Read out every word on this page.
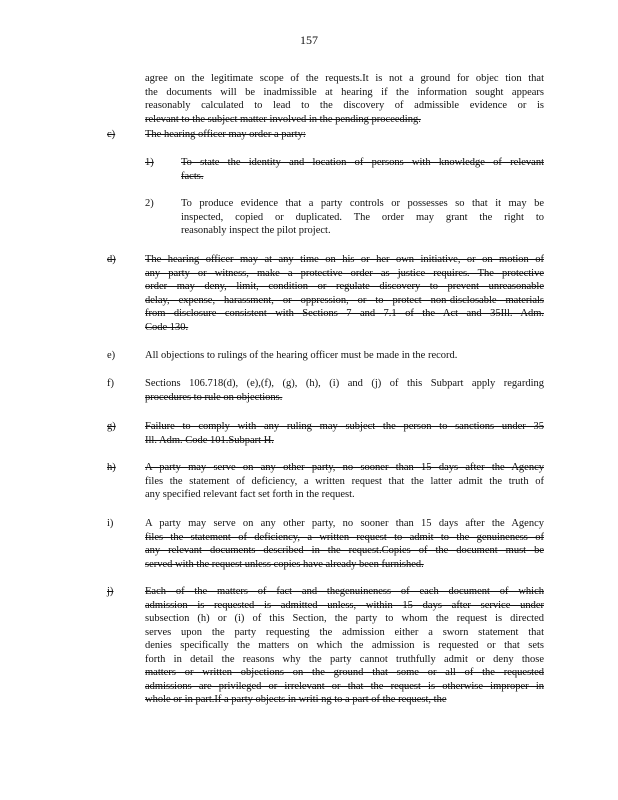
157
agree on the legitimate scope of the requests.It is not a ground for objec tion that
the documents will be inadmissible at hearing if the information sought appears
reasonably calculated to lead to the discovery of admissible evidence or is
relevant to the subject matter involved in the pending proceeding.
c)	The hearing officer may order a party:
1)	To state the identity and location of persons with knowledge of relevant
facts.
2)	To produce evidence that a party controls or possesses so that it may be
inspected, copied or duplicated. The order may grant the right to
reasonably inspect the pilot project.
d)	The hearing officer may at any time on his or her own initiative, or on motion of
any party or witness, make a protective order as justice requires. The protective
order may deny, limit, condition or regulate discovery to prevent unreasonable
delay, expense, harassment, or oppression, or to protect non-disclosable materials
from disclosure consistent with Sections 7 and 7.1 of the Act and 35Ill. Adm.
Code 130.
e)	All objections to rulings of the hearing officer must be made in the record.
f)	Sections 106.718(d), (e),(f), (g), (h), (i) and (j) of this Subpart apply regarding
procedures to rule on objections.
g)	Failure to comply with any ruling may subject the person to sanctions under 35
Ill. Adm. Code 101.Subpart H.
h)	A party may serve on any other party, no sooner than 15 days after the Agency
files the statement of deficiency, a written request that the latter admit the truth of
any specified relevant fact set forth in the request.
i)	A party may serve on any other party, no sooner than 15 days after the Agency
files the statement of deficiency, a written request to admit to the genuineness of
any relevant documents described in the request.Copies of the document must be
served with the request unless copies have already been furnished.
j)	Each of the matters of fact and thegenuineness of each document of which
admission is requested is admitted unless, within 15 days after service under
subsection (h) or (i) of this Section, the party to whom the request is directed
serves upon the party requesting the admission either a sworn statement that
denies specifically the matters on which the admission is requested or that sets
forth in detail the reasons why the party cannot truthfully admit or deny those
matters or written objections on the ground that some or all of the requested
admissions are privileged or irrelevant or that the request is otherwise improper in
whole or in part.If a party objects in writi ng to a part of the request, the
